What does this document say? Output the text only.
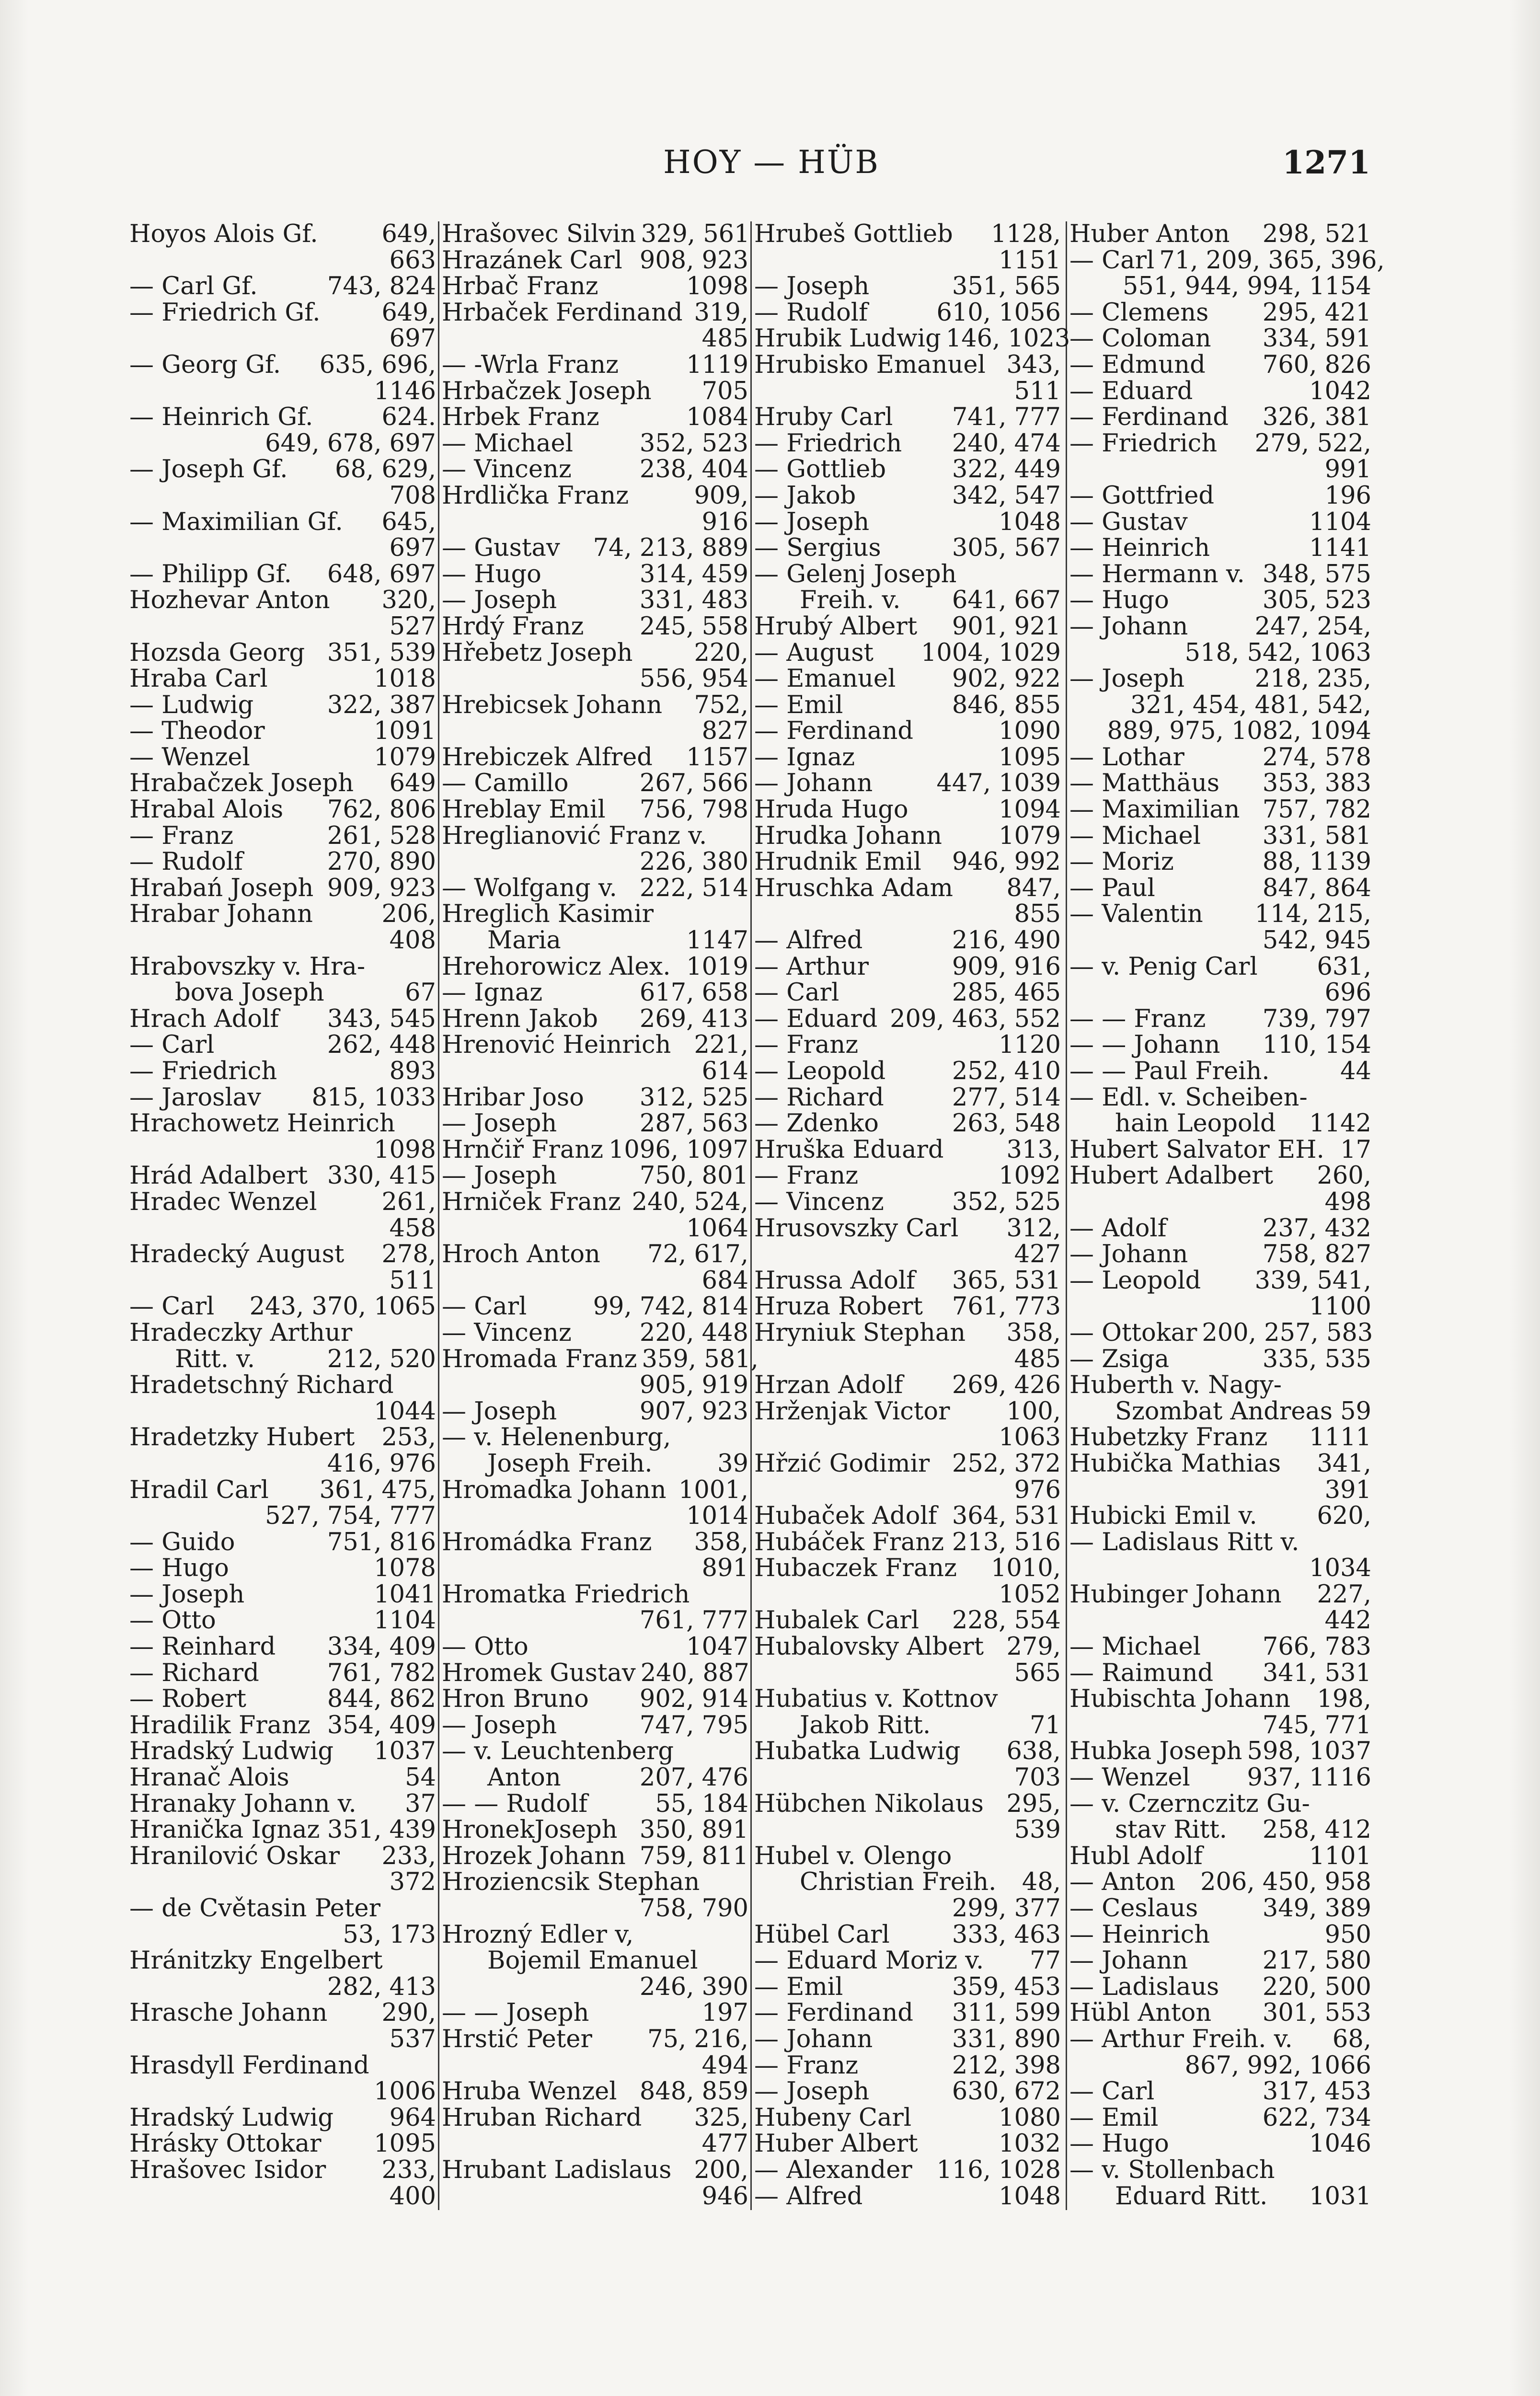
HOY — HÜB	1271
Hoyos Alois Gf.	649,
663
— Carl Gf.	743, 824
— Friedrich Gf.	649,
697
— Georg Gf.	635, 696,
1146
— Heinrich Gf.	624.
649, 678, 697
— Joseph Gf.	68, 629,
708
— Maximilian Gf.	645,
697
— Philipp Gf.	648, 697
Hozhevar Anton	320,
527
Hozsda Georg 351, 539
Hraba Carl	1018
— Ludwig	322, 387
— Theodor	1091
— Wenzel	1079
Hrabačzek Joseph	649
Hrabal Alois	762, 806
— Franz	261, 528
— Rudolf	270, 890
Hrabań Joseph 909, 923
Hrabar Johann	206,
408
Hrabovszky v. Hra-
bova Joseph	67
Hrach Adolf	343, 545
— Carl	262, 448
— Friedrich	893
— Jaroslav	815, 1033
Hrachowetz Heinrich
1098
Hrád Adalbert 330, 415
Hradec Wenzel	261,
458
Hradecký August	278,
511
— Carl	243, 370, 1065
Hradeczky Arthur
Ritt. v.	212, 520
Hradetschný Richard
1044
Hradetzky Hubert	253,
416, 976
Hradil Carl	361, 475,
527, 754, 777
— Guido	751, 816
— Hugo	1078
— Joseph	1041
— Otto	1104
— Reinhard	334, 409
— Richard	761, 782
— Robert	844, 862
Hradilik Franz 354, 409
Hradský Ludwig	1037
Hranač Alois	54
Hranaky Johann v.	37
Hranička Ignaz 351, 439
Hranilović Oskar	233,
372
— de Cvětasin Peter
53, 173
Hránitzky Engelbert
282, 413
Hrasche Johann	290,
537
Hrasdyll Ferdinand
1006
Hradský Ludwig	964
Hrásky Ottokar	1095
Hrašovec Isidor	233,
400
Hrašovec Silvin 329, 561
Hrazánek Carl 908, 923
Hrbač Franz	1098
Hrbaček Ferdinand 319,
485
— -Wrla Franz	1119
Hrbačzek Joseph	705
Hrbek Franz	1084
— Michael	352, 523
— Vincenz	238, 404
Hrdlička Franz	909,
916
— Gustav	74, 213, 889
— Hugo	314, 459
— Joseph	331, 483
Hrdý Franz	245, 558
Hřebetz Joseph	220,
556, 954
Hrebicsek Johann	752,
827
Hrebiczek Alfred	1157
— Camillo	267, 566
Hreblay Emil	756, 798
Hreglianović Franz v.
226, 380
— Wolfgang v. 222, 514
Hreglich Kasimir
Maria	1147
Hrehorowicz Alex. 1019
— Ignaz	617, 658
Hrenn Jakob	269, 413
Hrenović Heinrich 221,
614
Hribar Joso	312, 525
— Joseph	287, 563
Hrnčiř Franz 1096, 1097
— Joseph	750, 801
Hrniček Franz 240, 524,
1064
Hroch Anton	72, 617,
684
— Carl	99, 742, 814
— Vincenz	220, 448
Hromada Franz 359, 581,
905, 919
— Joseph	907, 923
— v. Helenenburg,
Joseph Freih.	39
Hromadka Johann 1001,
1014
Hromádka Franz	358,
891
Hromatka Friedrich
761, 777
— Otto	1047
Hromek Gustav 240, 887
Hron Bruno	902, 914
— Joseph	747, 795
— v. Leuchtenberg
Anton	207, 476
— — Rudolf	55, 184
HronekJoseph 350, 891
Hrozek Johann 759, 811
Hroziencsik Stephan
758, 790
Hrozný Edler v,
Bojemil Emanuel
246, 390
— — Joseph	197
Hrstić Peter	75, 216,
494
Hruba Wenzel 848, 859
Hruban Richard	325,
477
Hrubant Ladislaus 200,
946
Hrubeš Gottlieb	1128,
1151
— Joseph	351, 565
— Rudolf	610, 1056
Hrubik Ludwig 146, 1023
Hrubisko Emanuel 343,
511
Hruby Carl	741, 777
— Friedrich	240, 474
— Gottlieb	322, 449
— Jakob	342, 547
— Joseph	1048
— Sergius	305, 567
— Gelenj Joseph
Freih. v.	641, 667
Hrubý Albert	901, 921
— August	1004, 1029
— Emanuel	902, 922
— Emil	846, 855
— Ferdinand	1090
— Ignaz	1095
— Johann	447, 1039
Hruda Hugo	1094
Hrudka Johann	1079
Hrudnik Emil	946, 992
Hruschka Adam	847,
855
— Alfred	216, 490
— Arthur	909, 916
— Carl	285, 465
— Eduard 209, 463, 552
— Franz	1120
— Leopold	252, 410
— Richard	277, 514
— Zdenko	263, 548
Hruška Eduard	313,
— Franz	1092
— Vincenz	352, 525
Hrusovszky Carl	312,
427
Hrussa Adolf	365, 531
Hruza Robert	761, 773
Hryniuk Stephan	358,
485
Hrzan Adolf	269, 426
Hrženjak Victor	100,
1063
Hřzić Godimir 252, 372
976
Hubaček Adolf 364, 531
Hubáček Franz 213, 516
Hubaczek Franz	1010,
1052
Hubalek Carl	228, 554
Hubalovsky Albert 279,
565
Hubatius v. Kottnov
Jakob Ritt.	71
Hubatka Ludwig	638,
703
Hübchen Nikolaus 295,
539
Hubel v. Olengo
Christian Freih.	48,
299, 377
Hübel Carl	333, 463
— Eduard Moriz v.	77
— Emil	359, 453
— Ferdinand	311, 599
— Johann	331, 890
— Franz	212, 398
— Joseph	630, 672
Hubeny Carl	1080
Huber Albert	1032
— Alexander 116, 1028
— Alfred	1048
Huber Anton	298, 521
— Carl 71, 209, 365, 396,
551, 944, 994, 1154
— Clemens	295, 421
— Coloman	334, 591
— Edmund	760, 826
— Eduard	1042
— Ferdinand	326, 381
— Friedrich	279, 522,
991
— Gottfried	196
— Gustav	1104
— Heinrich	1141
— Hermann v. 348, 575
— Hugo	305, 523
— Johann	247, 254,
518, 542, 1063
— Joseph	218, 235,
321, 454, 481, 542,
889, 975, 1082, 1094
— Lothar	274, 578
— Matthäus	353, 383
— Maximilian 757, 782
— Michael	331, 581
— Moriz	88, 1139
— Paul	847, 864
— Valentin	114, 215,
542, 945
— v. Penig Carl	631,
696
— — Franz	739, 797
— — Johann	110, 154
— — Paul Freih.	44
— Edl. v. Scheiben-
hain Leopold	1142
Hubert Salvator EH. 17
Hubert Adalbert	260,
498
— Adolf	237, 432
— Johann	758, 827
— Leopold	339, 541,
1100
— Ottokar 200, 257, 583
— Zsiga	335, 535
Huberth v. Nagy-
Szombat Andreas 59
Hubetzky Franz	1111
Hubička Mathias	341,
391
Hubicki Emil v.	620,
— Ladislaus Ritt v.
1034
Hubinger Johann	227,
442
— Michael	766, 783
— Raimund	341, 531
Hubischta Johann	198,
745, 771
Hubka Joseph 598, 1037
— Wenzel	937, 1116
— v. Czernczitz Gu-
stav Ritt.	258, 412
Hubl Adolf	1101
— Anton	206, 450, 958
— Ceslaus	349, 389
— Heinrich	950
— Johann	217, 580
— Ladislaus	220, 500
Hübl Anton	301, 553
— Arthur Freih. v.	68,
867, 992, 1066
— Carl	317, 453
— Emil	622, 734
— Hugo	1046
— v. Stollenbach
Eduard Ritt.	1031
